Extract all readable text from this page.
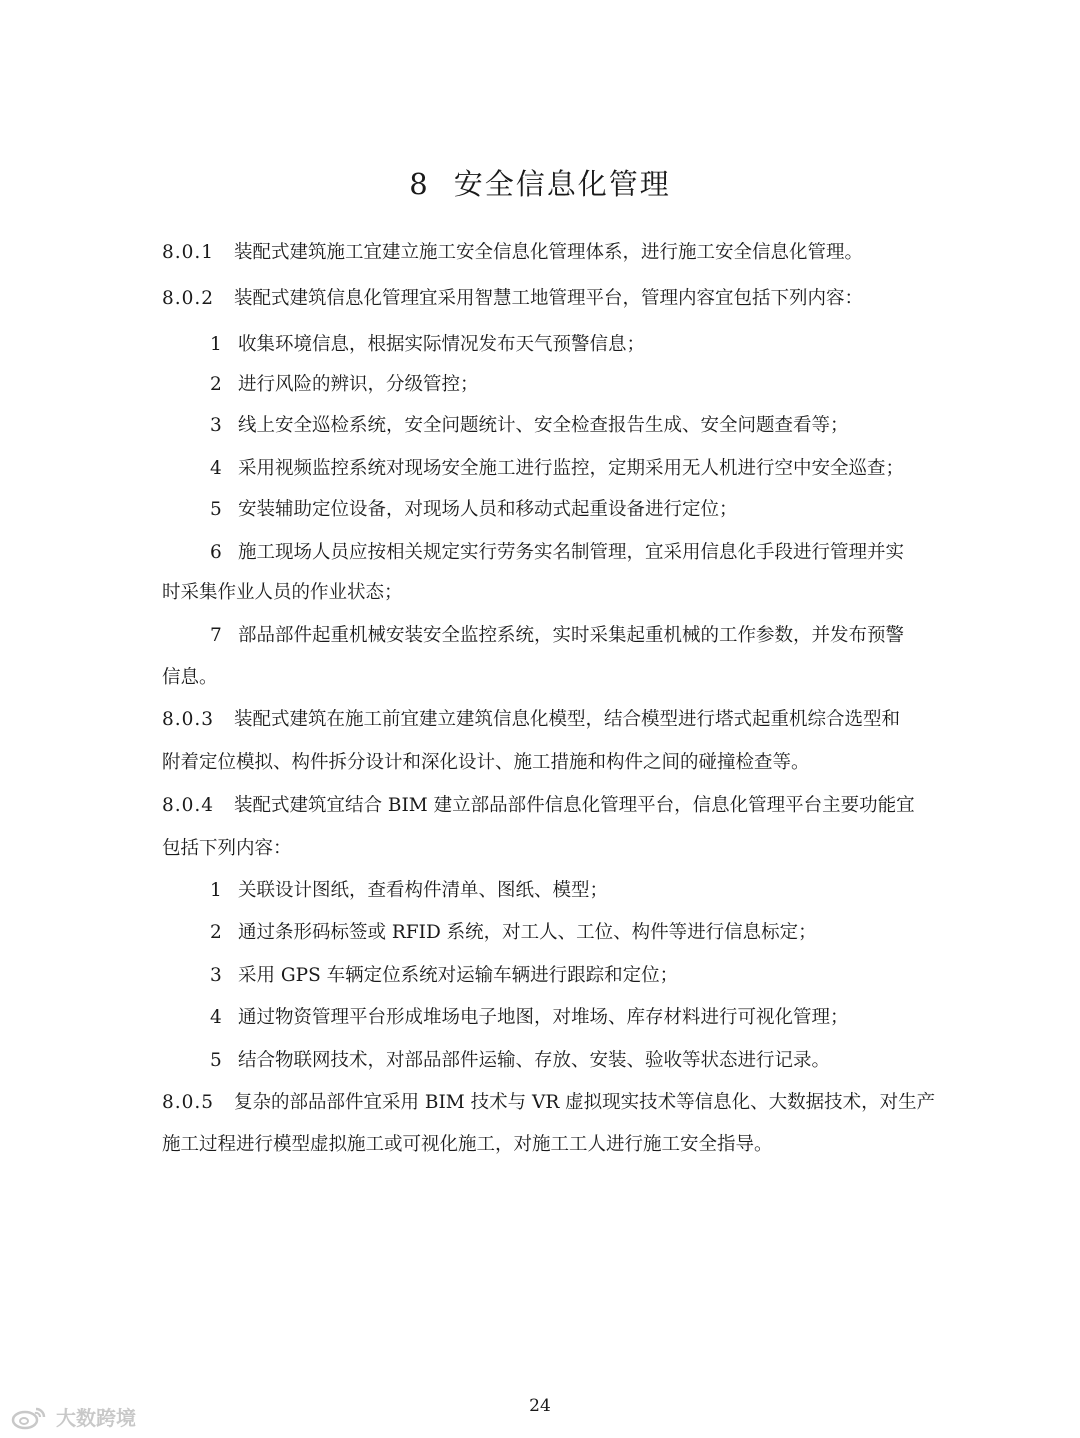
8 安全信息化管理
8.0.1 装配式建筑施工宜建立施工安全信息化管理体系，进行施工安全信息化管理。
8.0.2 装配式建筑信息化管理宜采用智慧工地管理平台，管理内容宜包括下列内容：
1 收集环境信息，根据实际情况发布天气预警信息；
2 进行风险的辨识，分级管控；
3 线上安全巡检系统，安全问题统计、安全检查报告生成、安全问题查看等；
4 采用视频监控系统对现场安全施工进行监控，定期采用无人机进行空中安全巡查；
5 安装辅助定位设备，对现场人员和移动式起重设备进行定位；
6 施工现场人员应按相关规定实行劳务实名制管理，宜采用信息化手段进行管理并实
时采集作业人员的作业状态；
7 部品部件起重机械安装安全监控系统，实时采集起重机械的工作参数，并发布预警
信息。
8.0.3 装配式建筑在施工前宜建立建筑信息化模型，结合模型进行塔式起重机综合选型和
附着定位模拟、构件拆分设计和深化设计、施工措施和构件之间的碰撞检查等。
8.0.4 装配式建筑宜结合 BIM 建立部品部件信息化管理平台，信息化管理平台主要功能宜
包括下列内容：
1 关联设计图纸，查看构件清单、图纸、模型；
2 通过条形码标签或 RFID 系统，对工人、工位、构件等进行信息标定；
3 采用 GPS 车辆定位系统对运输车辆进行跟踪和定位；
4 通过物资管理平台形成堆场电子地图，对堆场、库存材料进行可视化管理；
5 结合物联网技术，对部品部件运输、存放、安装、验收等状态进行记录。
8.0.5 复杂的部品部件宜采用 BIM 技术与 VR 虚拟现实技术等信息化、大数据技术，对生产
施工过程进行模型虚拟施工或可视化施工，对施工工人进行施工安全指导。
24
大数跨境
